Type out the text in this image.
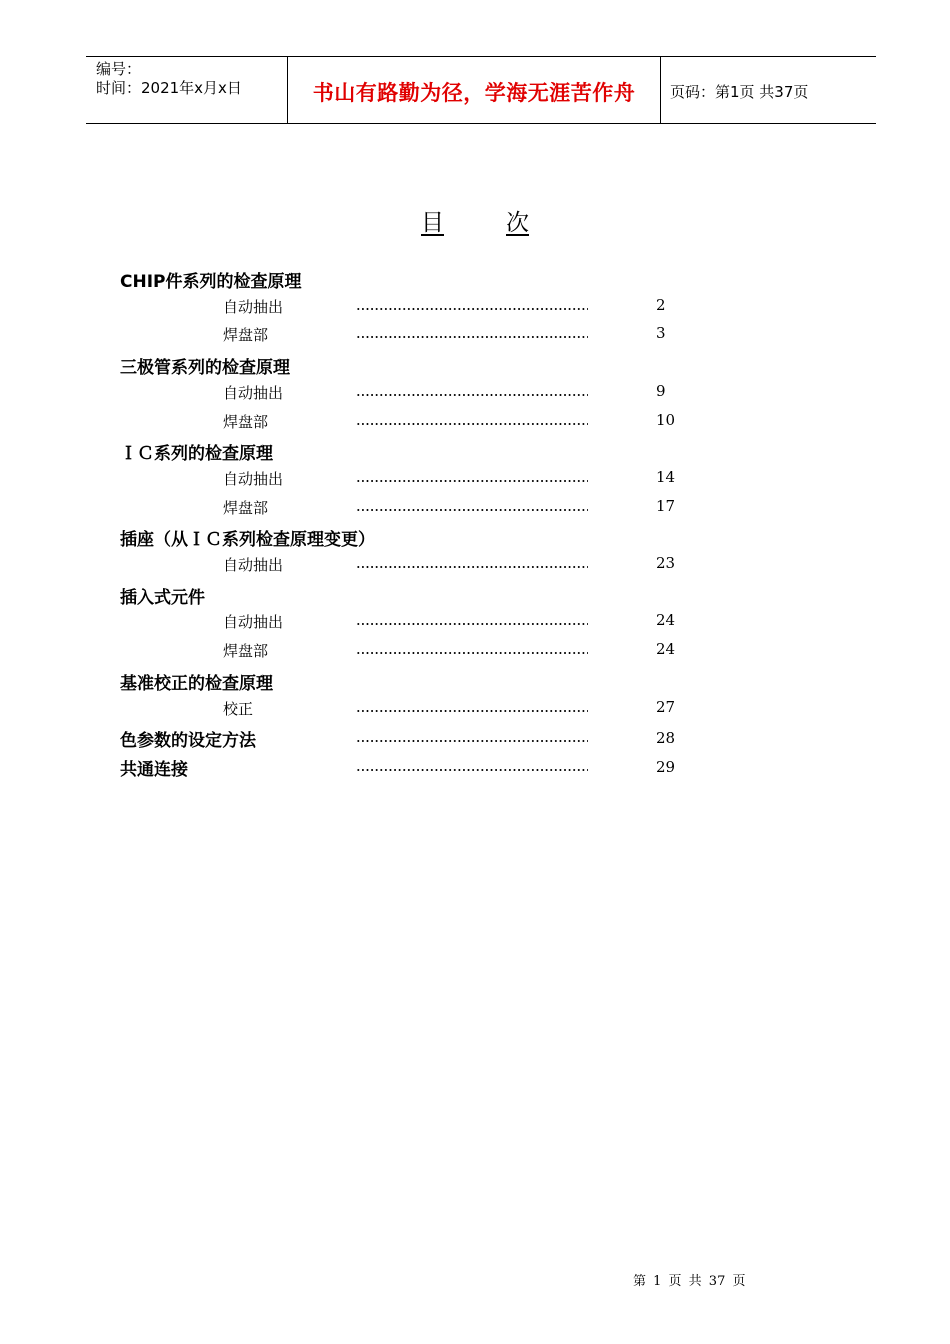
编号：
时间：2021年x月x日	书山有路勤为径，学海无涯苦作舟	页码：第1页 共37页
目	次
CHIP件系列的检查原理
自动抽出	2
焊盘部	3
三极管系列的检查原理
自动抽出	9
焊盘部	10
ＩＣ系列的检查原理
自动抽出	14
焊盘部	17
插座（从ＩＣ系列检查原理变更）
自动抽出	23
插入式元件
自动抽出	24
焊盘部	24
基准校正的检查原理
校正	27
色参数的设定方法	28
共通连接	29
第 1 页 共 37 页
